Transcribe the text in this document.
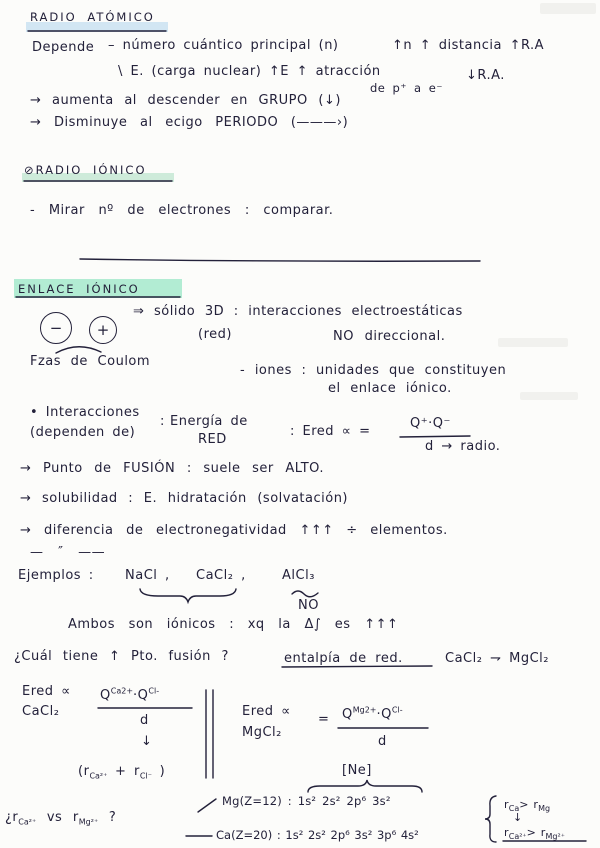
RADIO ATÓMICO
Depende – número cuántico principal (n)	↑n ↑ distancia ↑R.A
\ E. (carga nuclear) ↑E ↑ atracción
de p⁺ a e⁻
↓R.A.
→ aumenta al descender en GRUPO (↓)
→ Disminuye al ecigo PERIODO (———›)
⊘RADIO IÓNICO
- Mirar nº de electrones : comparar.
ENLACE IÓNICO
−	+
⇒ sólido 3D : interacciones electroestáticas
(red)	NO direccional.
Fzas de Coulom
- iones : unidades que constituyen
el enlace iónico.
• Interacciones
(dependen de)
: Energía de
RED
: Ered ∝ =
Q⁺·Q⁻
d → radio.
→ Punto de FUSIÓN : suele ser ALTO.
→ solubilidad : E. hidratación (solvatación)
→ diferencia de electronegatividad ↑↑↑ ÷ elementos.
— ″ ——
Ejemplos : NaCl , CaCl₂ ,	AlCl₃
NO
Ambos son iónicos : xq la Δ∫ es ↑↑↑
¿Cuál tiene ↑ Pto. fusión ?	entalpía de red.	CaCl₂ ⇁ MgCl₂
Ered ∝
CaCl₂
$Q^{Ca2+}\cdot Q^{Cl-}$
d
↓
($r_{Ca^{2+}} + r_{Cl^-}$ )
Ered ∝
MgCl₂
= $Q^{Mg2+}\cdot Q^{Cl-}$
d
[Ne]
¿$r_{Ca^{2+}}$ vs $r_{Mg^{2+}}$ ?
Mg(Z=12) : 1s² 2s² 2p⁶ 3s²
Ca(Z=20) : 1s² 2s² 2p⁶ 3s² 3p⁶ 4s²
$r_{Ca}> r_{Mg}$
↓
$r_{Ca^{2+}}> r_{Mg^{2+}}$
